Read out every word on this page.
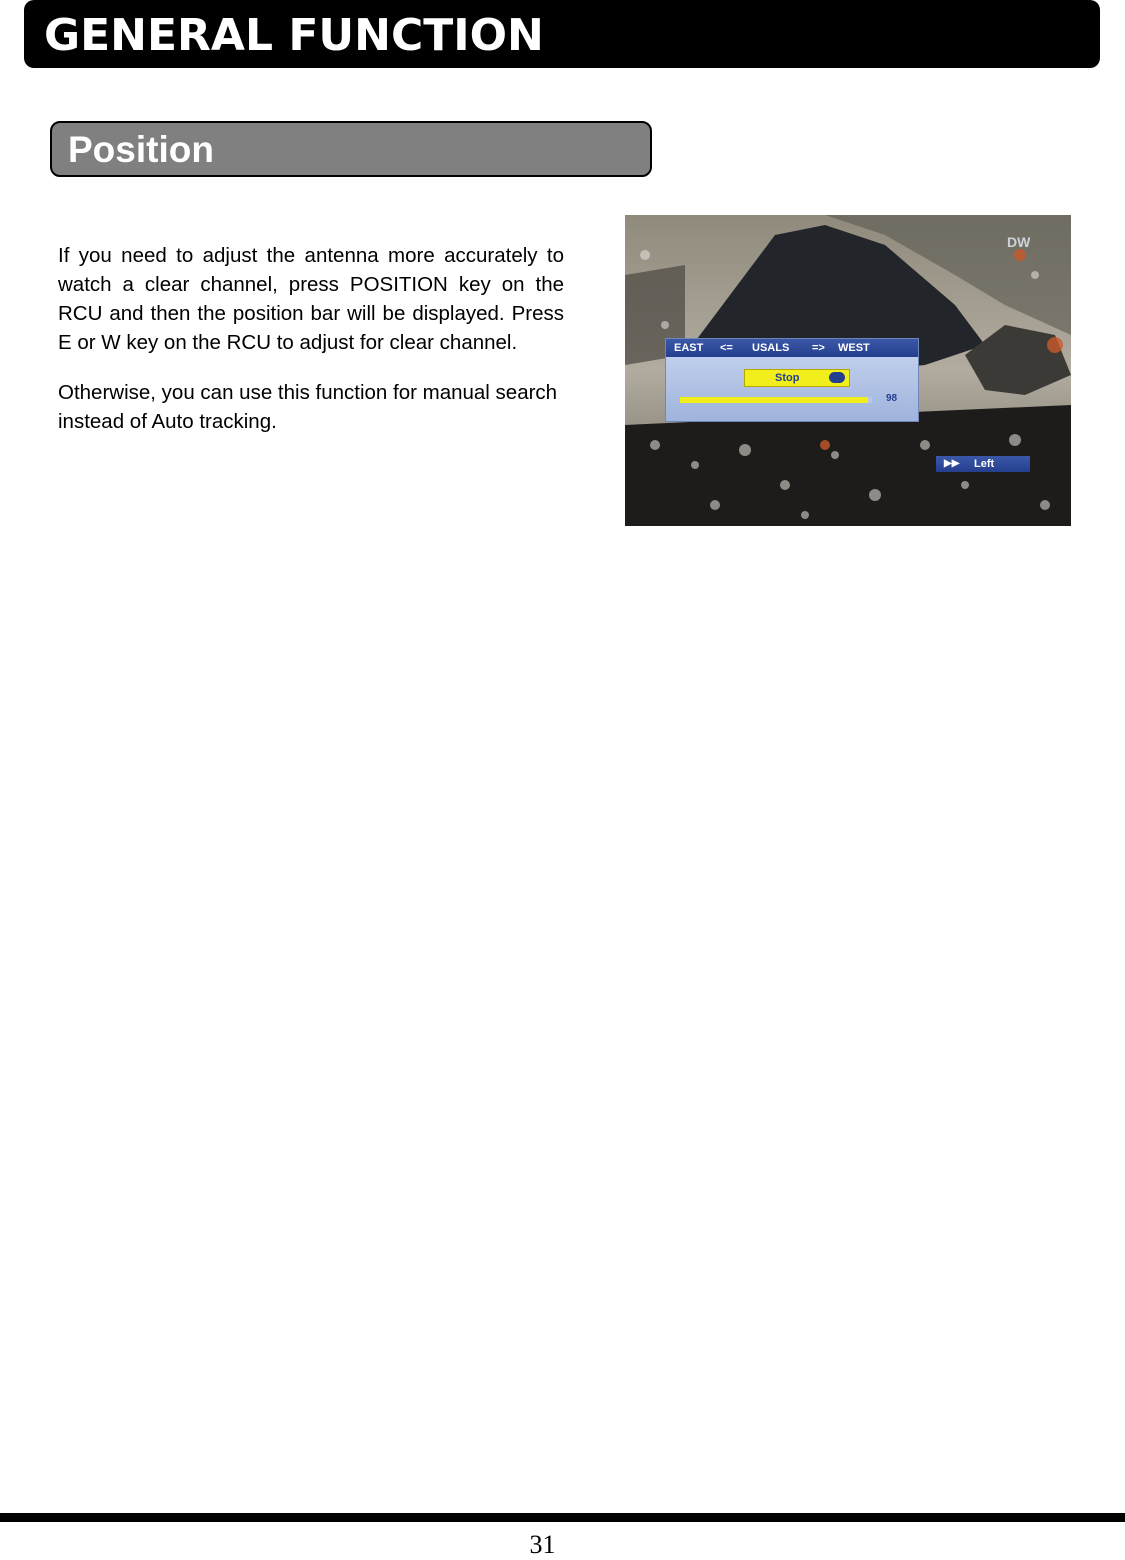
GENERAL FUNCTION
Position

If you need to adjust the antenna more accurately to watch a clear channel, press POSITION key on the RCU and then the position bar will be displayed. Press E or W key on the RCU to adjust for clear channel.

Otherwise, you can use this function for manual search instead of Auto tracking.

DW
EAST <= USALS => WEST
Stop
98
▶▶ Left
31
